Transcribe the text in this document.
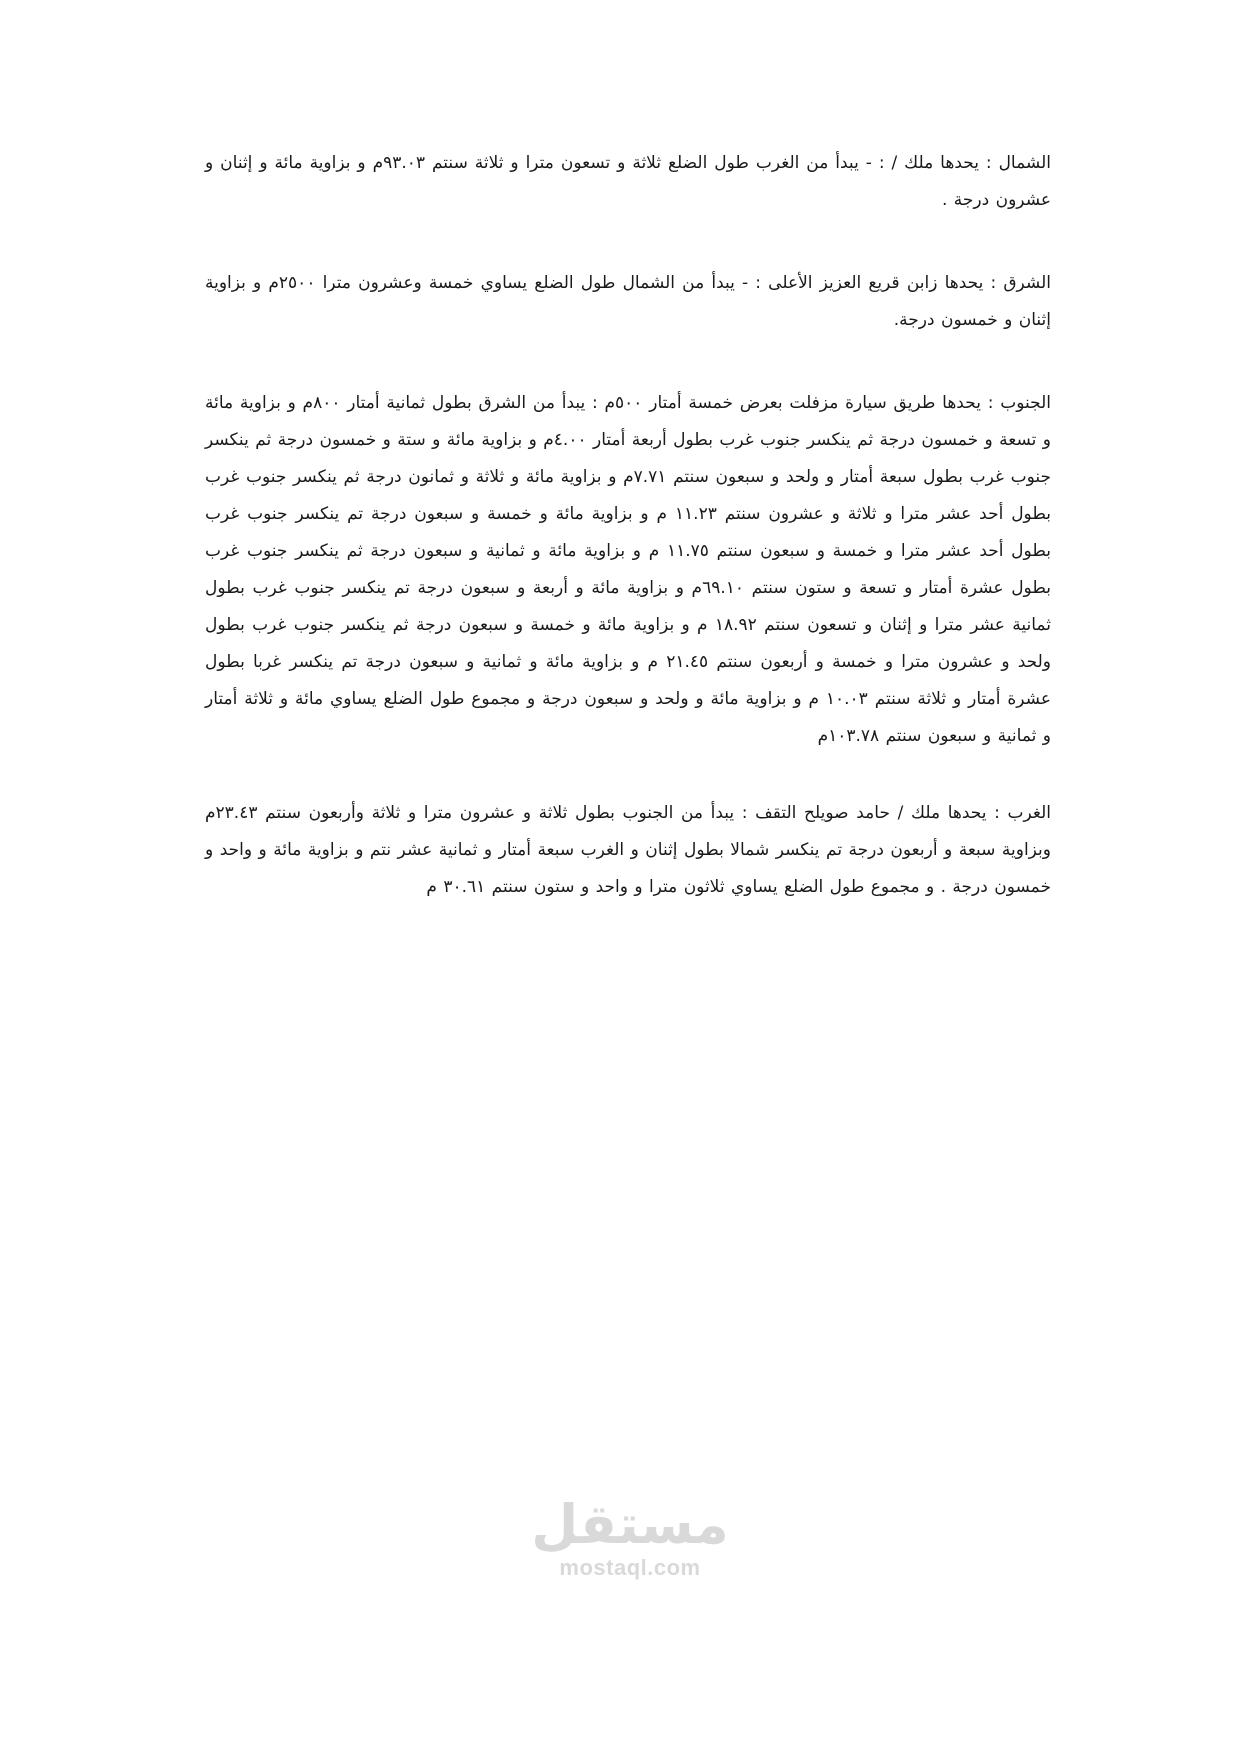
الشمال : يحدها ملك / : - يبدأ من الغرب طول الضلع ثلاثة و تسعون مترا و ثلاثة سنتم ٩٣.٠٣م و بزاوية مائة و إثنان و عشرون درجة .

الشرق : يحدها زابن قريع العزيز الأعلى : - يبدأ من الشمال طول الضلع يساوي خمسة وعشرون مترا ٢٥٠٠م و بزاوية إثنان و خمسون درجة.

الجنوب : يحدها طريق سيارة مزفلت بعرض خمسة أمتار ٥٠٠م : يبدأ من الشرق بطول ثمانية أمتار ٨٠٠م و بزاوية مائة و تسعة و خمسون درجة ثم ينكسر جنوب غرب بطول أربعة أمتار ٤.٠٠م و بزاوية مائة و ستة و خمسون درجة ثم ينكسر جنوب غرب بطول سبعة أمتار و ولحد و سبعون سنتم ٧.٧١م و بزاوية مائة و ثلاثة و ثمانون درجة ثم ينكسر جنوب غرب بطول أحد عشر مترا و ثلاثة و عشرون سنتم ١١.٢٣ م و بزاوية مائة و خمسة و سبعون درجة تم ينكسر جنوب غرب بطول أحد عشر مترا و خمسة و سبعون سنتم ١١.٧٥ م و بزاوية مائة و ثمانية و سبعون درجة ثم ينكسر جنوب غرب بطول عشرة أمتار و تسعة و ستون سنتم ٦٩.١٠م و بزاوية مائة و أربعة و سبعون درجة تم ينكسر جنوب غرب بطول ثمانية عشر مترا و إثنان و تسعون سنتم ١٨.٩٢ م و بزاوية مائة و خمسة و سبعون درجة ثم ينكسر جنوب غرب بطول ولحد و عشرون مترا و خمسة و أربعون سنتم ٢١.٤٥ م و بزاوية مائة و ثمانية و سبعون درجة تم ينكسر غربا بطول عشرة أمتار و ثلاثة سنتم ١٠.٠٣ م و بزاوية مائة و ولحد و سبعون درجة و مجموع طول الضلع يساوي مائة و ثلاثة أمتار و ثمانية و سبعون سنتم ١٠٣.٧٨م

الغرب : يحدها ملك / حامد صويلح التقف : يبدأ من الجنوب بطول ثلاثة و عشرون مترا و ثلاثة وأربعون سنتم ٢٣.٤٣م وبزاوية سبعة و أربعون درجة تم ينكسر شمالا بطول إثنان و الغرب سبعة أمتار و ثمانية عشر نتم و بزاوية مائة و واحد و خمسون درجة . و مجموع طول الضلع يساوي ثلاثون مترا و واحد و ستون سنتم ٣٠.٦١ م

مستقل
mostaql.com
